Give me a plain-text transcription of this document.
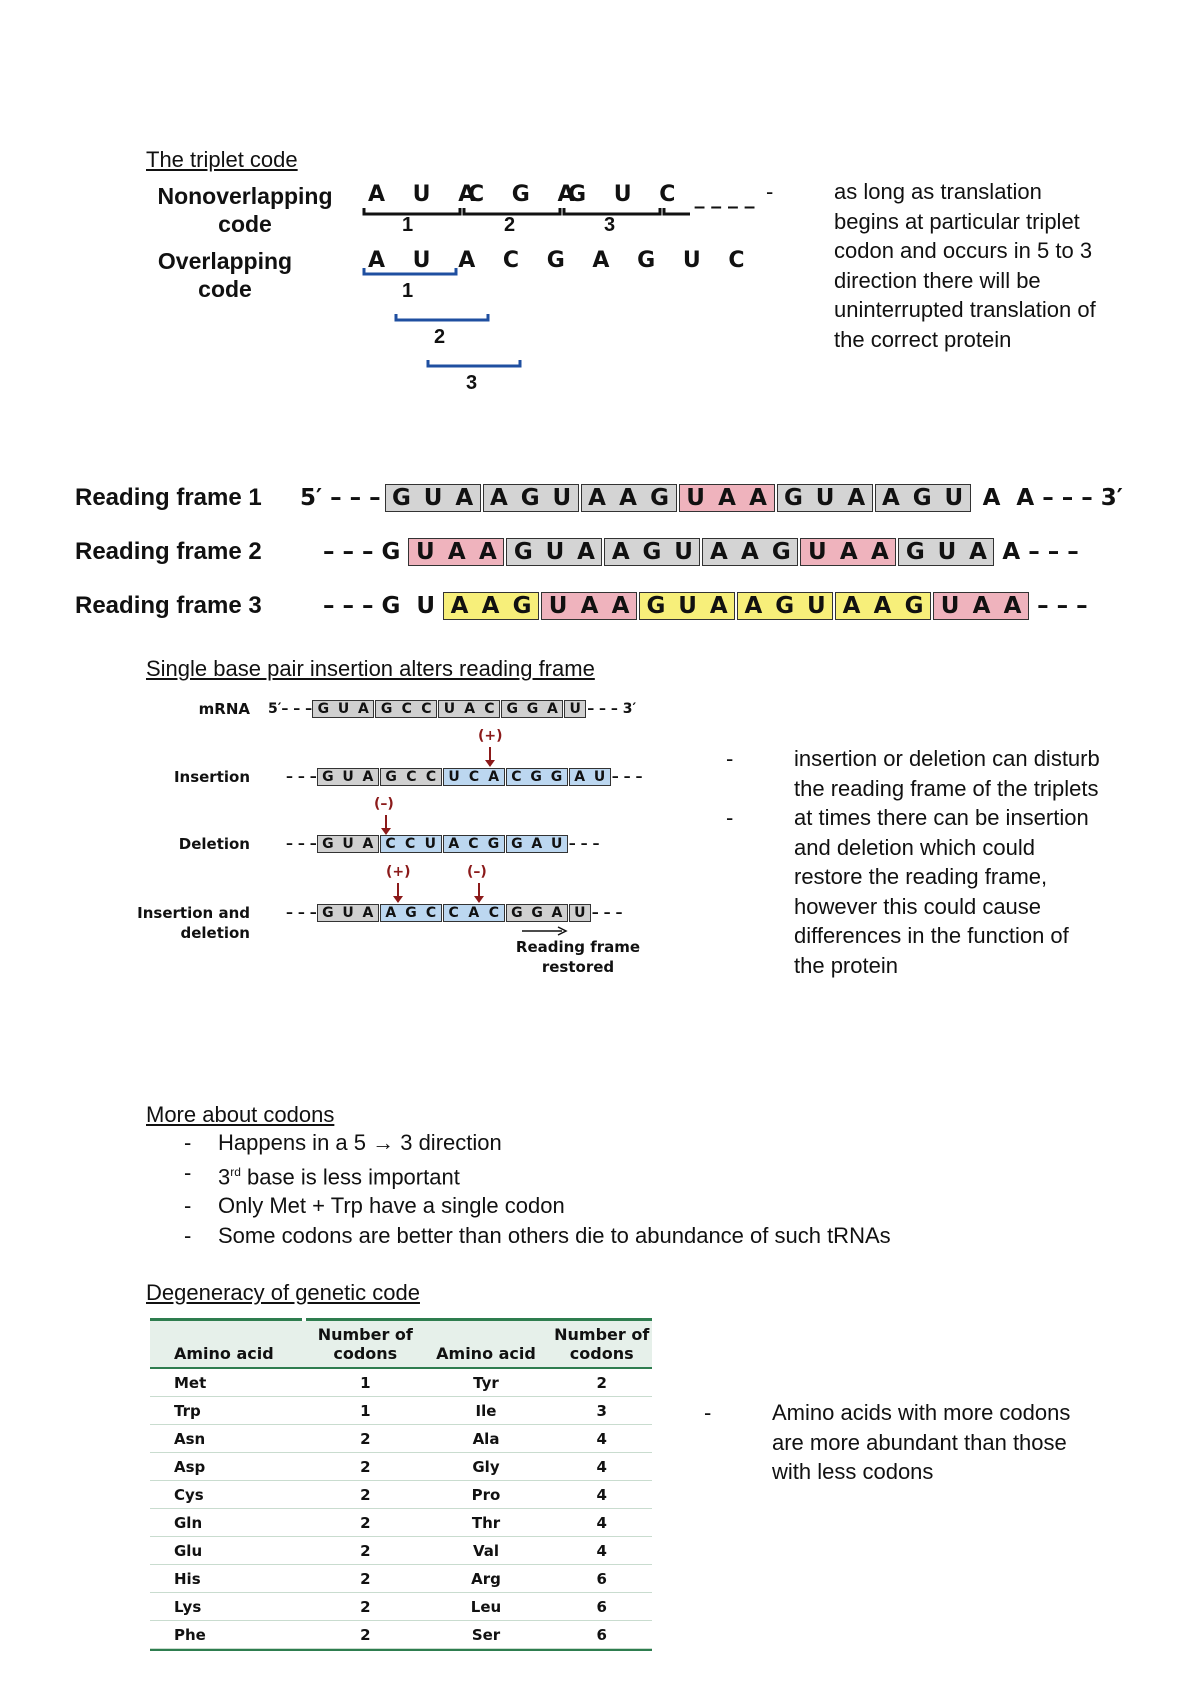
The triplet code
Nonoverlapping code
Overlapping code
A U A
C G A
G U C – – – –
1	2	3
A U A C G A G U C
1
2
3
-	as long as translation begins at particular triplet codon and occurs in 5 to 3 direction there will be uninterrupted translation of the correct protein
Reading frame 1
Reading frame 2
Reading frame 3
5′ – – – G U A A G U A A G U A A G U A A G U A  A – – – 3′
– – – G U A A G U A A G U A A G U A A G U A A – – –
– – – G  U A A G U A A G U A A G U A A G U A A – – –
Single base pair insertion alters reading frame
mRNA
Insertion
Deletion
Insertion and deletion
5′– – – G U A G C C U A C G G A U – – – 3′
(+)
– – – G U A G C C U C A C G G A U – – –
(–)
– – – G U A C C U A C G G A U – – –
(+)	(–)
– – – G U A A G C C A C G G A U – – –
Reading frame restored
-	insertion or deletion can disturb the reading frame of the triplets
-	at times there can be insertion and deletion which could restore the reading frame, however this could cause differences in the function of the protein
More about codons
- Happens in a 5 → 3 direction
- 3rd base is less important
- Only Met + Trp have a single codon
- Some codons are better than others die to abundance of such tRNAs
Degeneracy of genetic code
Amino acid	Number of codons	Amino acid	Number of codons
Met	1	Tyr	2
Trp	1	Ile	3
Asn	2	Ala	4
Asp	2	Gly	4
Cys	2	Pro	4
Gln	2	Thr	4
Glu	2	Val	4
His	2	Arg	6
Lys	2	Leu	6
Phe	2	Ser	6
-	Amino acids with more codons are more abundant than those with less codons
